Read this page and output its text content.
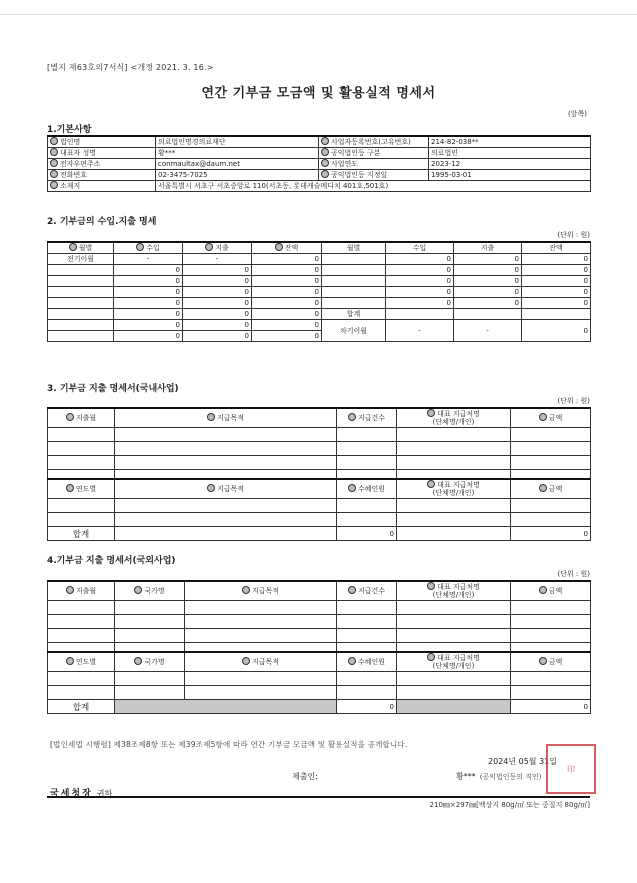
[별지 제63호의7서식] <개정 2021. 3. 16.>
연간 기부금 모금액 및 활용실적 명세서
(앞쪽)
1.기본사항
법인명	의료법인명경의료재단	사업자등록번호(고유번호)	214-82-038**
대표자 성명	황***	공익법인등 구분	의료법인
전자우편주소	conmaultax@daum.net	사업연도	2023-12
전화번호	02-3475-7025	공익법인등 지정일	1995-03-01
소재지	서울특별시 서초구 서초중앙로 110(서초동, 롯데캐슬메디치 401호,501호)		
2. 기부금의 수입.지출 명세
(단위 : 원)
월별	수입	지출	잔액	월별	수입	지출	잔액
전기이월	-	-	0		0	0	0
	0	0	0		0	0	0
	0	0	0		0	0	0
	0	0	0		0	0	0
	0	0	0		0	0	0
	0	0	0	합계			
	0	0	0	차기이월	-	-	0
	0	0	0				
3. 기부금 지출 명세서(국내사업)
(단위 : 원)
지출월	지급목적	지급건수	대표 지급처명
(단체명/개인)	금액

연도별	지급목적	수혜인원	대표 지급처명
(단체명/개인)	금액

합계		0		0
4.기부금 지출 명세서(국외사업)
(단위 : 원)
지출월	국가명	지급목적	지급건수	대표 지급처명
(단체명/개인)	금액

연도별	국가명	지급목적	수혜인원	대표 지급처명
(단체명/개인)	금액

합계			0		0
[법인세법 시행령] 제38조제8항 또는 제39조제5항에 따라 연간 기부금 모금액 및 활용실적을 공개합니다.
2024년 05월 31일
제출인:	황*** (공익법인등의 직인)
印
국세청장 귀하
210㎜×297㎜[백상지 80g/㎡ 또는 중질지 80g/㎡]
